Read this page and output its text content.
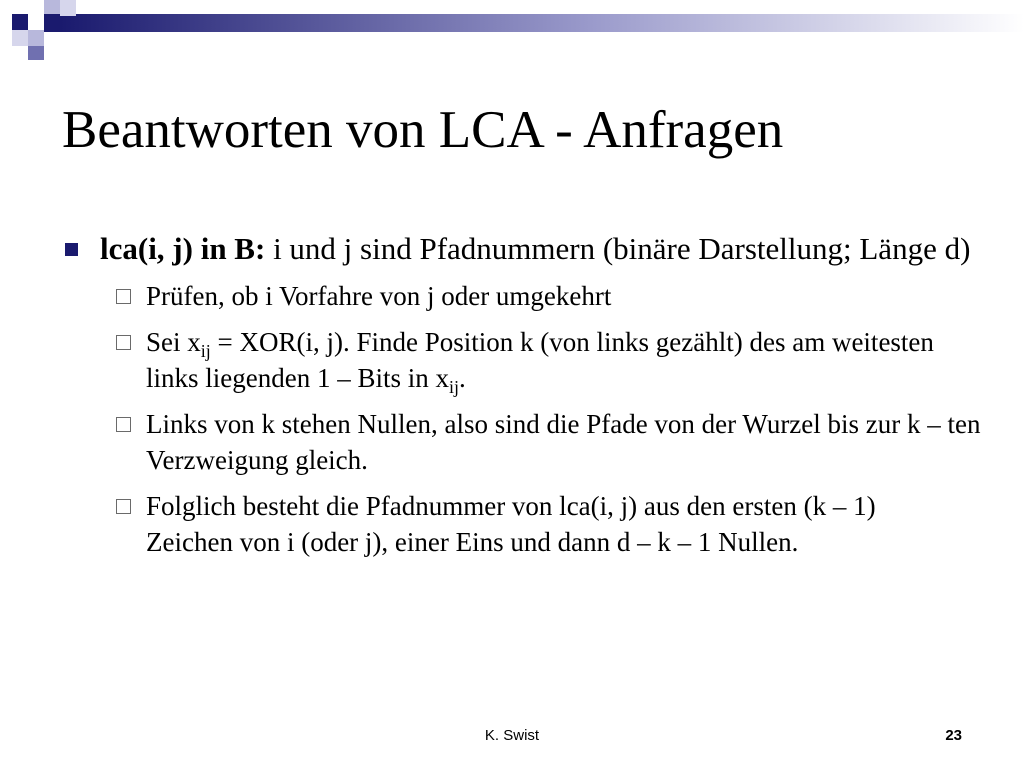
Beantworten von LCA - Anfragen
lca(i, j) in B: i und j sind Pfadnummern (binäre Darstellung; Länge d)
Prüfen, ob i Vorfahre von j oder umgekehrt
Sei $x_{ij} = XOR(i$, j). Finde Position k (von links gezählt) des am weitesten links liegenden 1 – Bits in $x_{ij}$.
Links von k stehen Nullen, also sind die Pfade von der Wurzel bis zur k – ten Verzweigung gleich.
Folglich besteht die Pfadnummer von lca(i, j) aus den ersten (k – 1) Zeichen von i (oder j), einer Eins und dann d – k – 1 Nullen.
K. Swist	23
